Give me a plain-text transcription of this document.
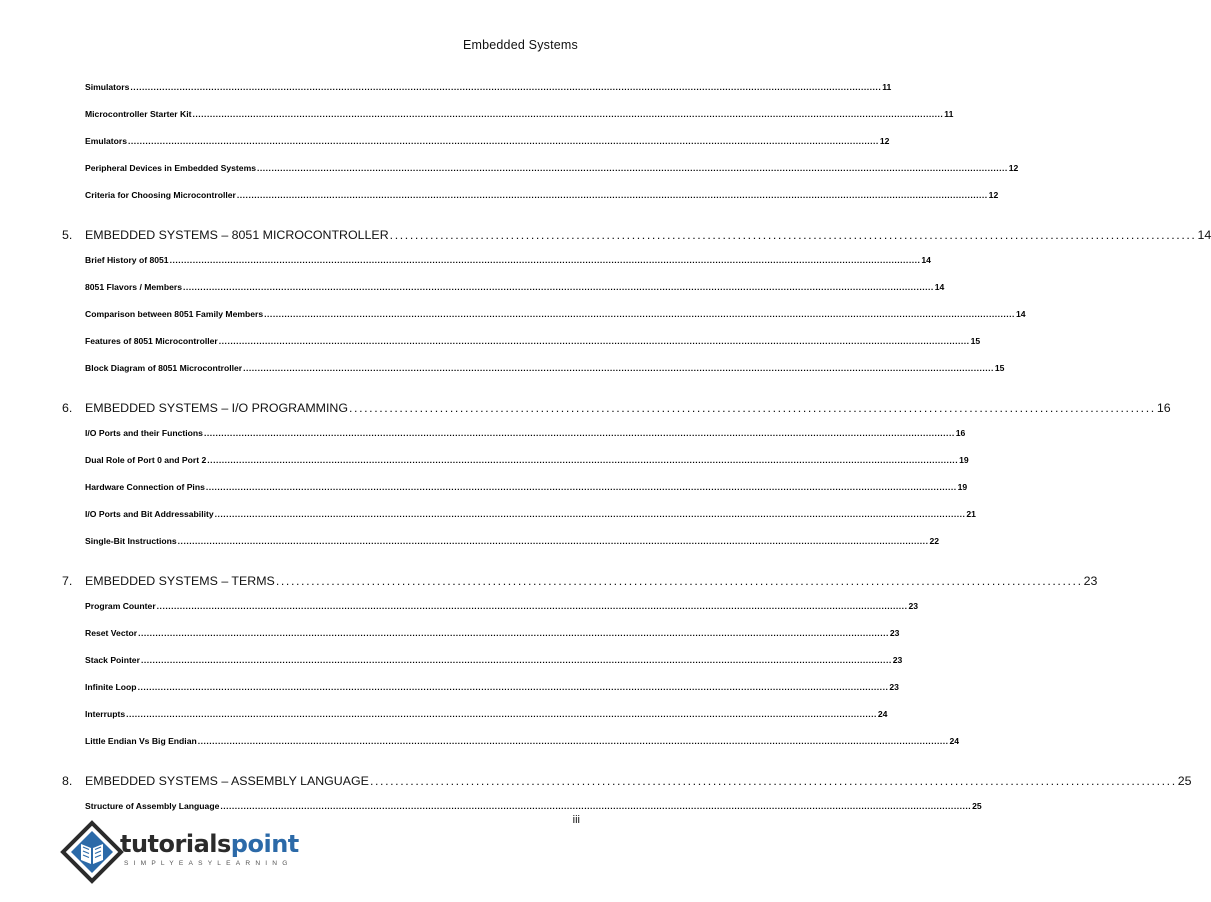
Embedded Systems
Simulators .................................................................................................................................................................................................................................................................... 11
Microcontroller Starter Kit .................................................................................................................................................................................................................................................................... 11
Emulators .................................................................................................................................................................................................................................................................... 12
Peripheral Devices in Embedded Systems .................................................................................................................................................................................................................................................................... 12
Criteria for Choosing Microcontroller .................................................................................................................................................................................................................................................................... 12
5.	EMBEDDED SYSTEMS – 8051 MICROCONTROLLER ................................................................................................................................................................ 14
Brief History of 8051 .................................................................................................................................................................................................................................................................... 14
8051 Flavors / Members .................................................................................................................................................................................................................................................................... 14
Comparison between 8051 Family Members .................................................................................................................................................................................................................................................................... 14
Features of 8051 Microcontroller .................................................................................................................................................................................................................................................................... 15
Block Diagram of 8051 Microcontroller .................................................................................................................................................................................................................................................................... 15
6.	EMBEDDED SYSTEMS – I/O PROGRAMMING ................................................................................................................................................................ 16
I/O Ports and their Functions .................................................................................................................................................................................................................................................................... 16
Dual Role of Port 0 and Port 2 .................................................................................................................................................................................................................................................................... 19
Hardware Connection of Pins .................................................................................................................................................................................................................................................................... 19
I/O Ports and Bit Addressability .................................................................................................................................................................................................................................................................... 21
Single-Bit Instructions .................................................................................................................................................................................................................................................................... 22
7.	EMBEDDED SYSTEMS – TERMS ................................................................................................................................................................ 23
Program Counter .................................................................................................................................................................................................................................................................... 23
Reset Vector .................................................................................................................................................................................................................................................................... 23
Stack Pointer .................................................................................................................................................................................................................................................................... 23
Infinite Loop .................................................................................................................................................................................................................................................................... 23
Interrupts .................................................................................................................................................................................................................................................................... 24
Little Endian Vs Big Endian .................................................................................................................................................................................................................................................................... 24
8.	EMBEDDED SYSTEMS – ASSEMBLY LANGUAGE ................................................................................................................................................................ 25
Structure of Assembly Language .................................................................................................................................................................................................................................................................... 25
iii
tutorialspoint
SIMPLYEASYLEARNING
